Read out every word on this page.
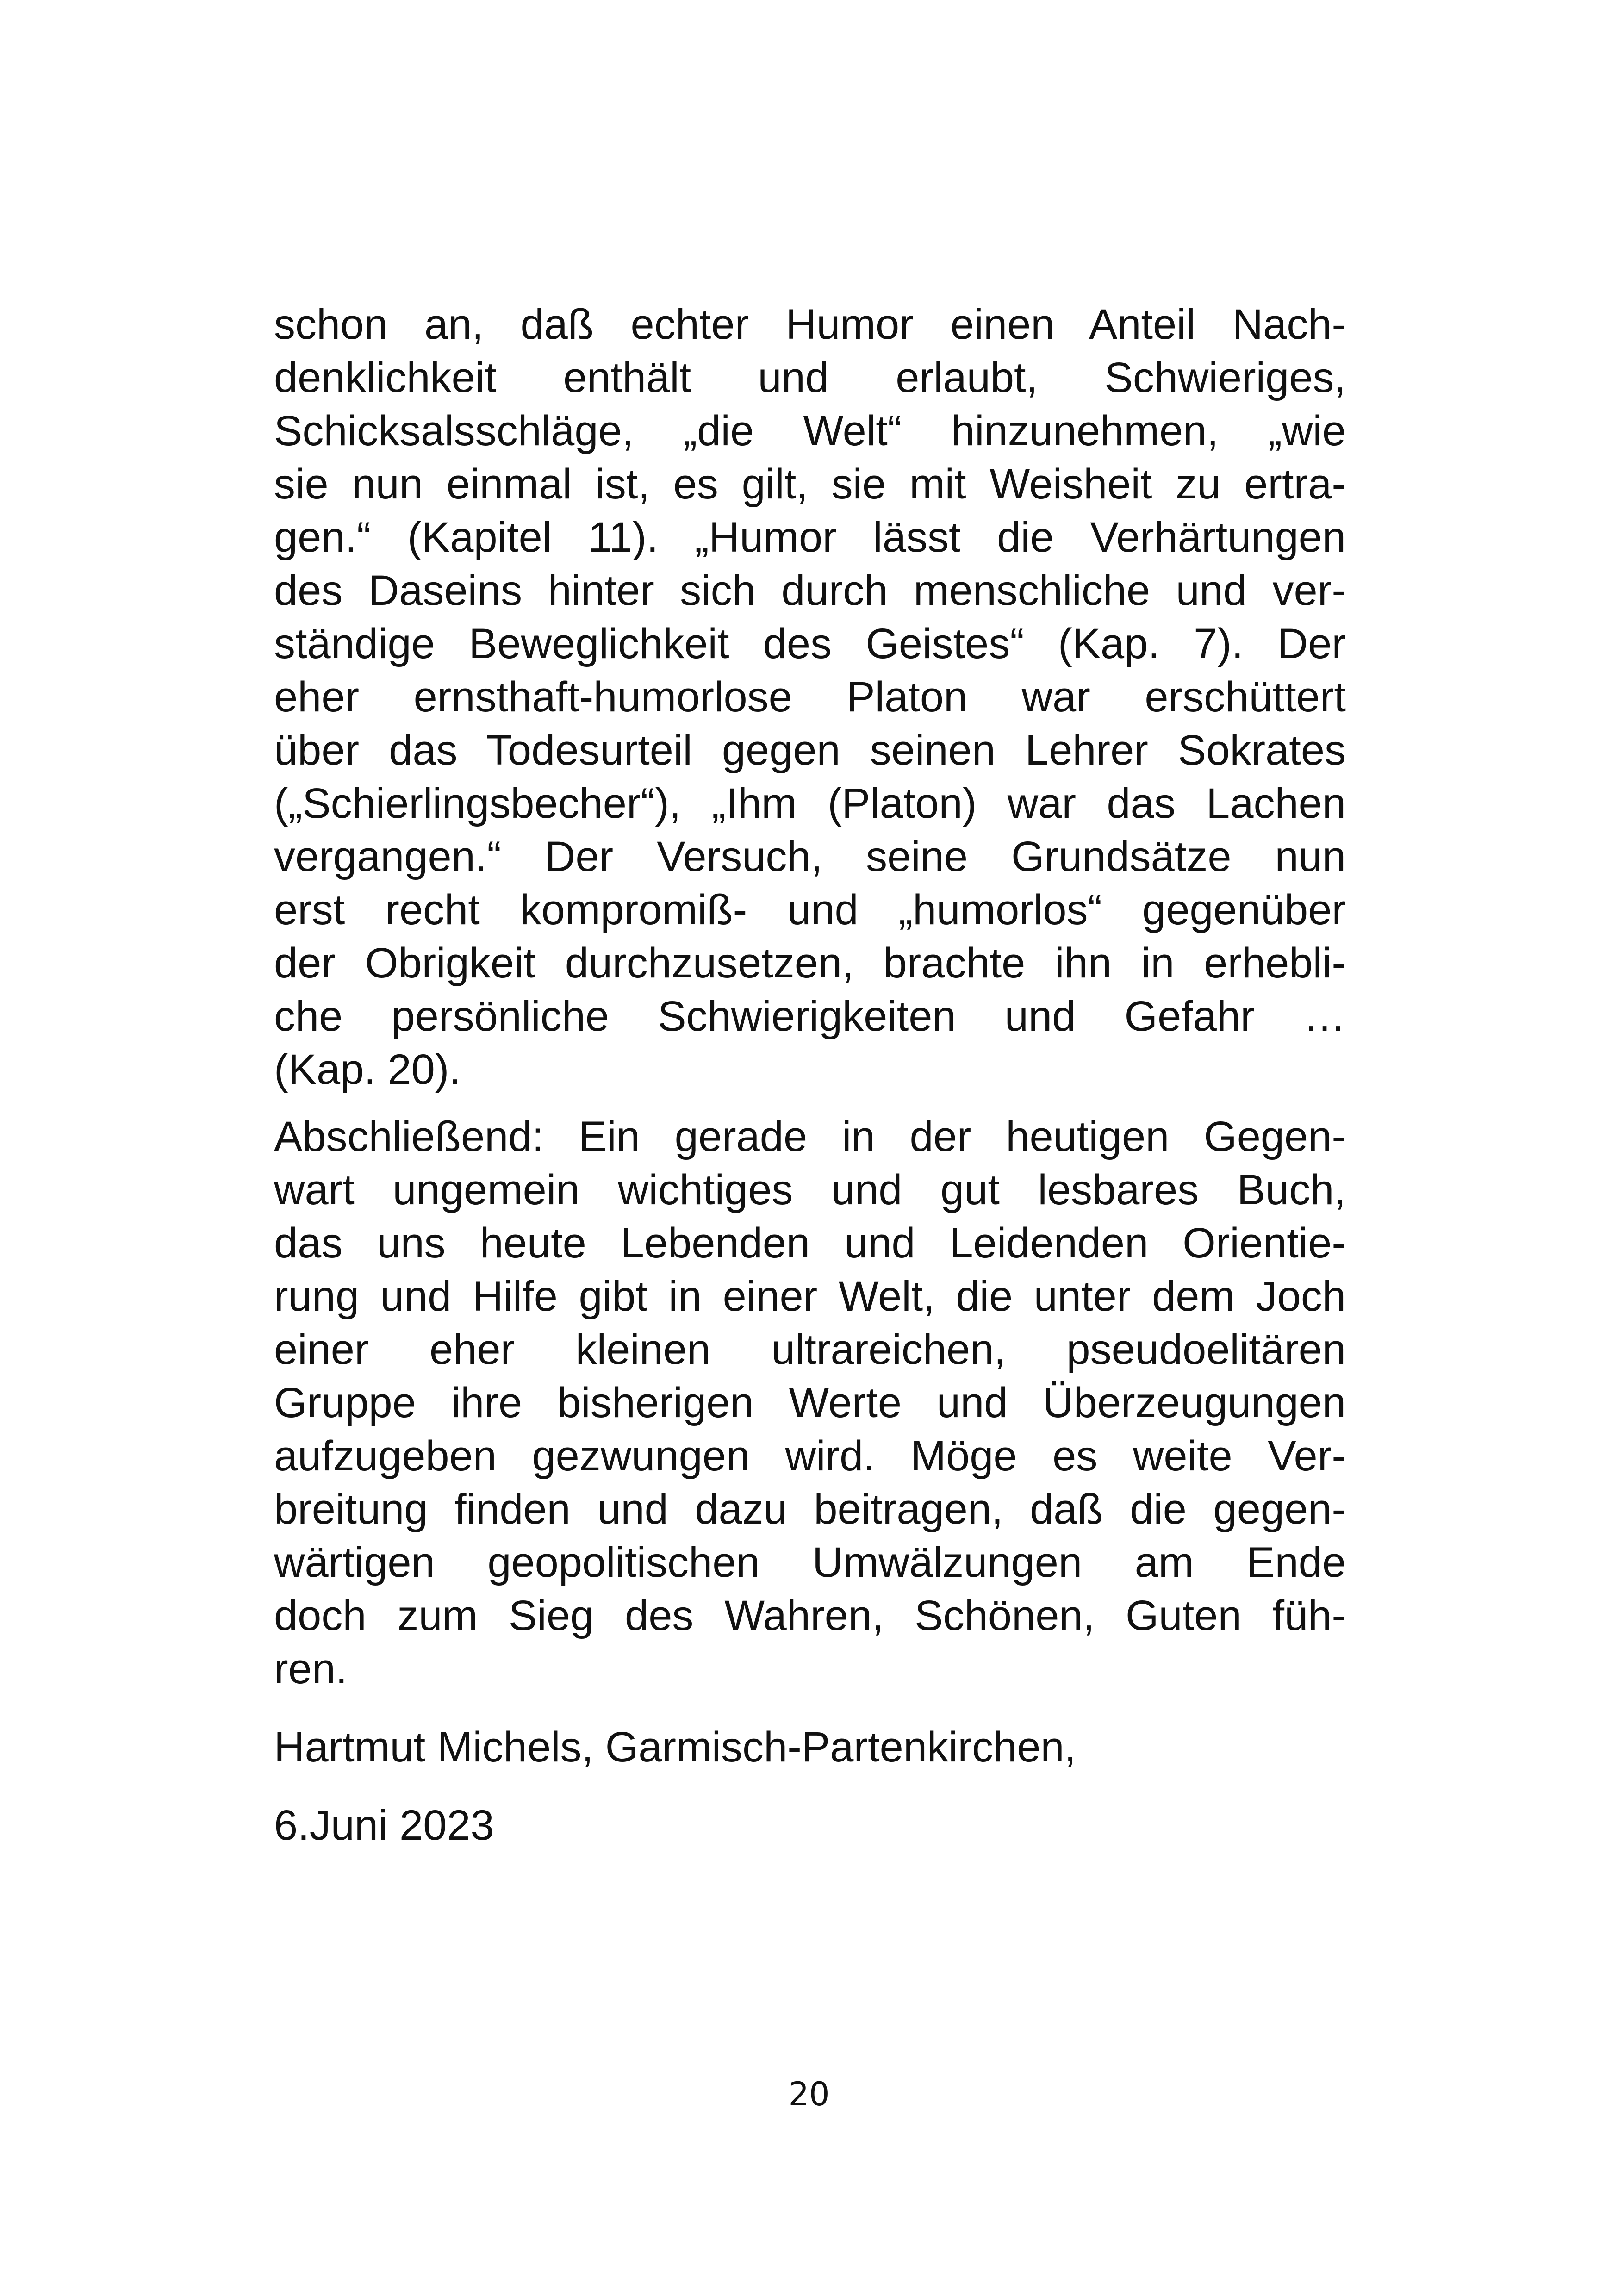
schon an, daß echter Humor einen Anteil Nach-
denklichkeit enthält und erlaubt, Schwieriges,
Schicksalsschläge, „die Welt“ hinzunehmen, „wie
sie nun einmal ist, es gilt, sie mit Weisheit zu ertra-
gen.“ (Kapitel 11). „Humor lässt die Verhärtungen
des Daseins hinter sich durch menschliche und ver-
ständige Beweglichkeit des Geistes“ (Kap. 7). Der
eher ernsthaft-humorlose Platon war erschüttert
über das Todesurteil gegen seinen Lehrer Sokrates
(„Schierlingsbecher“), „Ihm (Platon) war das Lachen
vergangen.“ Der Versuch, seine Grundsätze nun
erst recht kompromiß- und „humorlos“ gegenüber
der Obrigkeit durchzusetzen, brachte ihn in erhebli-
che persönliche Schwierigkeiten und Gefahr …
(Kap. 20).
Abschließend: Ein gerade in der heutigen Gegen-
wart ungemein wichtiges und gut lesbares Buch,
das uns heute Lebenden und Leidenden Orientie-
rung und Hilfe gibt in einer Welt, die unter dem Joch
einer eher kleinen ultrareichen, pseudoelitären
Gruppe ihre bisherigen Werte und Überzeugungen
aufzugeben gezwungen wird. Möge es weite Ver-
breitung finden und dazu beitragen, daß die gegen-
wärtigen geopolitischen Umwälzungen am Ende
doch zum Sieg des Wahren, Schönen, Guten füh-
ren.
Hartmut Michels, Garmisch-Partenkirchen,
6.Juni 2023
20
